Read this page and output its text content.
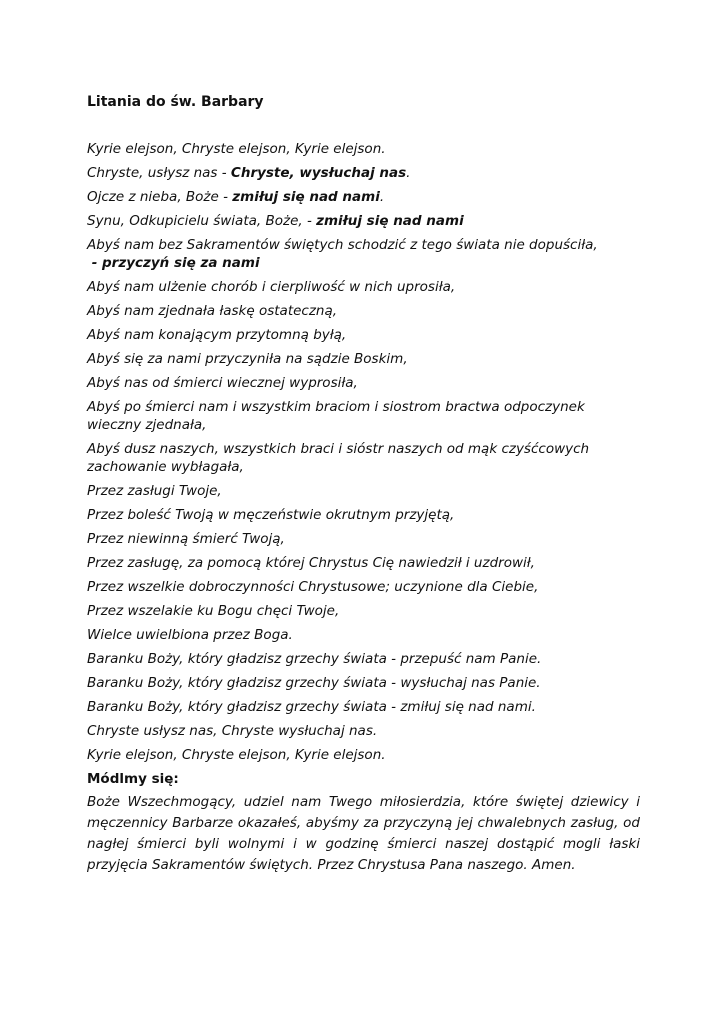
Litania do św. Barbary
Kyrie elejson, Chryste elejson, Kyrie elejson.
Chryste, usłysz nas - Chryste, wysłuchaj nas.
Ojcze z nieba, Boże - zmiłuj się nad nami.
Synu, Odkupicielu świata, Boże, - zmiłuj się nad nami
Abyś nam bez Sakramentów świętych schodzić z tego świata nie dopuściła,
- przyczyń się za nami
Abyś nam ulżenie chorób i cierpliwość w nich uprosiła,
Abyś nam zjednała łaskę ostateczną,
Abyś nam konającym przytomną byłą,
Abyś się za nami przyczyniła na sądzie Boskim,
Abyś nas od śmierci wiecznej wyprosiła,
Abyś po śmierci nam i wszystkim braciom i siostrom bractwa odpoczynek wieczny zjednała,
Abyś dusz naszych, wszystkich braci i sióstr naszych od mąk czyśćcowych zachowanie wybłagała,
Przez zasługi Twoje,
Przez boleść Twoją w męczeństwie okrutnym przyjętą,
Przez niewinną śmierć Twoją,
Przez zasługę, za pomocą której Chrystus Cię nawiedził i uzdrowił,
Przez wszelkie dobroczynności Chrystusowe; uczynione dla Ciebie,
Przez wszelakie ku Bogu chęci Twoje,
Wielce uwielbiona przez Boga.
Baranku Boży, który gładzisz grzechy świata - przepuść nam Panie.
Baranku Boży, który gładzisz grzechy świata - wysłuchaj nas Panie.
Baranku Boży, który gładzisz grzechy świata - zmiłuj się nad nami.
Chryste usłysz nas, Chryste wysłuchaj nas.
Kyrie elejson, Chryste elejson, Kyrie elejson.
Módlmy się:

Boże Wszechmogący, udziel nam Twego miłosierdzia, które świętej dziewicy i męczennicy Barbarze okazałeś, abyśmy za przyczyną jej chwalebnych zasług, od nagłej śmierci byli wolnymi i w godzinę śmierci naszej dostąpić mogli łaski przyjęcia Sakramentów świętych. Przez Chrystusa Pana naszego. Amen.
